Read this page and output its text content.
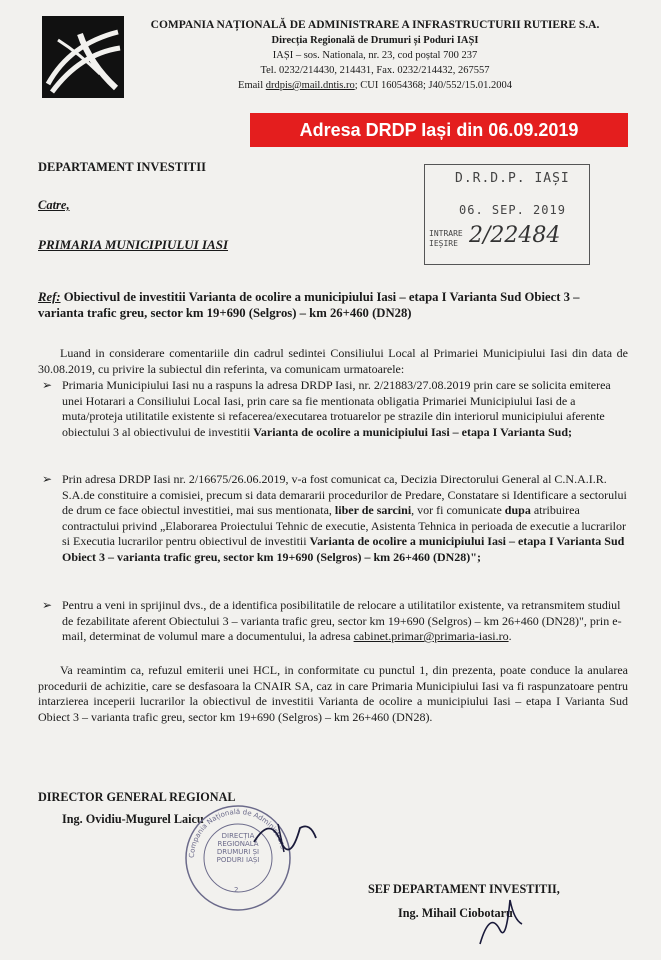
COMPANIA NAȚIONALĂ DE ADMINISTRARE A INFRASTRUCTURII RUTIERE S.A.
Direcția Regională de Drumuri și Poduri IAȘI
IAȘI – sos. Nationala, nr. 23, cod poștal 700 237
Tel. 0232/214430, 214431, Fax. 0232/214432, 267557
Email drdpis@mail.dntis.ro; CUI 16054368; J40/552/15.01.2004
Adresa DRDP Iași din 06.09.2019
DEPARTAMENT INVESTITII
Catre,
PRIMARIA MUNICIPIULUI IASI
D.R.D.P. IAȘI
06. SEP. 2019
INTRARE
IEȘIRE 2/22484
Ref: Obiectivul de investitii Varianta de ocolire a municipiului Iasi – etapa I Varianta Sud Obiect 3 – varianta trafic greu, sector km 19+690 (Selgros) – km 26+460 (DN28)
Luand in considerare comentariile din cadrul sedintei Consiliului Local al Primariei Municipiului Iasi din data de 30.08.2019, cu privire la subiectul din referinta, va comunicam urmatoarele:
➢ Primaria Municipiului Iasi nu a raspuns la adresa DRDP Iasi, nr. 2/21883/27.08.2019 prin care se solicita emiterea unei Hotarari a Consiliului Local Iasi, prin care sa fie mentionata obligatia Primariei Municipiului Iasi de a muta/proteja utilitatile existente si refacerea/executarea trotuarelor pe strazile din interiorul municipiului aferente obiectului 3 al obiectivului de investitii Varianta de ocolire a municipiului Iasi – etapa I Varianta Sud;
➢ Prin adresa DRDP Iasi nr. 2/16675/26.06.2019, v-a fost comunicat ca, Decizia Directorului General al C.N.A.I.R. S.A.de constituire a comisiei, precum si data demararii procedurilor de Predare, Constatare si Identificare a sectorului de drum ce face obiectul investitiei, mai sus mentionata, liber de sarcini, vor fi comunicate dupa atribuirea contractului privind „Elaborarea Proiectului Tehnic de executie, Asistenta Tehnica in perioada de executie a lucrarilor si Executia lucrarilor pentru obiectivul de investitii Varianta de ocolire a municipiului Iasi – etapa I Varianta Sud Obiect 3 – varianta trafic greu, sector km 19+690 (Selgros) – km 26+460 (DN28)";
➢ Pentru a veni in sprijinul dvs., de a identifica posibilitatile de relocare a utilitatilor existente, va retransmitem studiul de fezabilitate aferent Obiectului 3 – varianta trafic greu, sector km 19+690 (Selgros) – km 26+460 (DN28)", prin e-mail, determinat de volumul mare a documentului, la adresa cabinet.primar@primaria-iasi.ro.
Va reamintim ca, refuzul emiterii unei HCL, in conformitate cu punctul 1, din prezenta, poate conduce la anularea procedurii de achizitie, care se desfasoara la CNAIR SA, caz in care Primaria Municipiului Iasi va fi raspunzatoare pentru intarzierea inceperii lucrarilor la obiectivul de investitii Varianta de ocolire a municipiului Iasi – etapa I Varianta Sud Obiect 3 – varianta trafic greu, sector km 19+690 (Selgros) – km 26+460 (DN28).
DIRECTOR GENERAL REGIONAL
Ing. Ovidiu-Mugurel Laicu
Compania Națională de Administrare
DIRECȚIA REGIONALĂ DRUMURI ȘI PODURI IAȘI
2	SEF DEPARTAMENT INVESTITII,
Ing. Mihail Ciobotaru
